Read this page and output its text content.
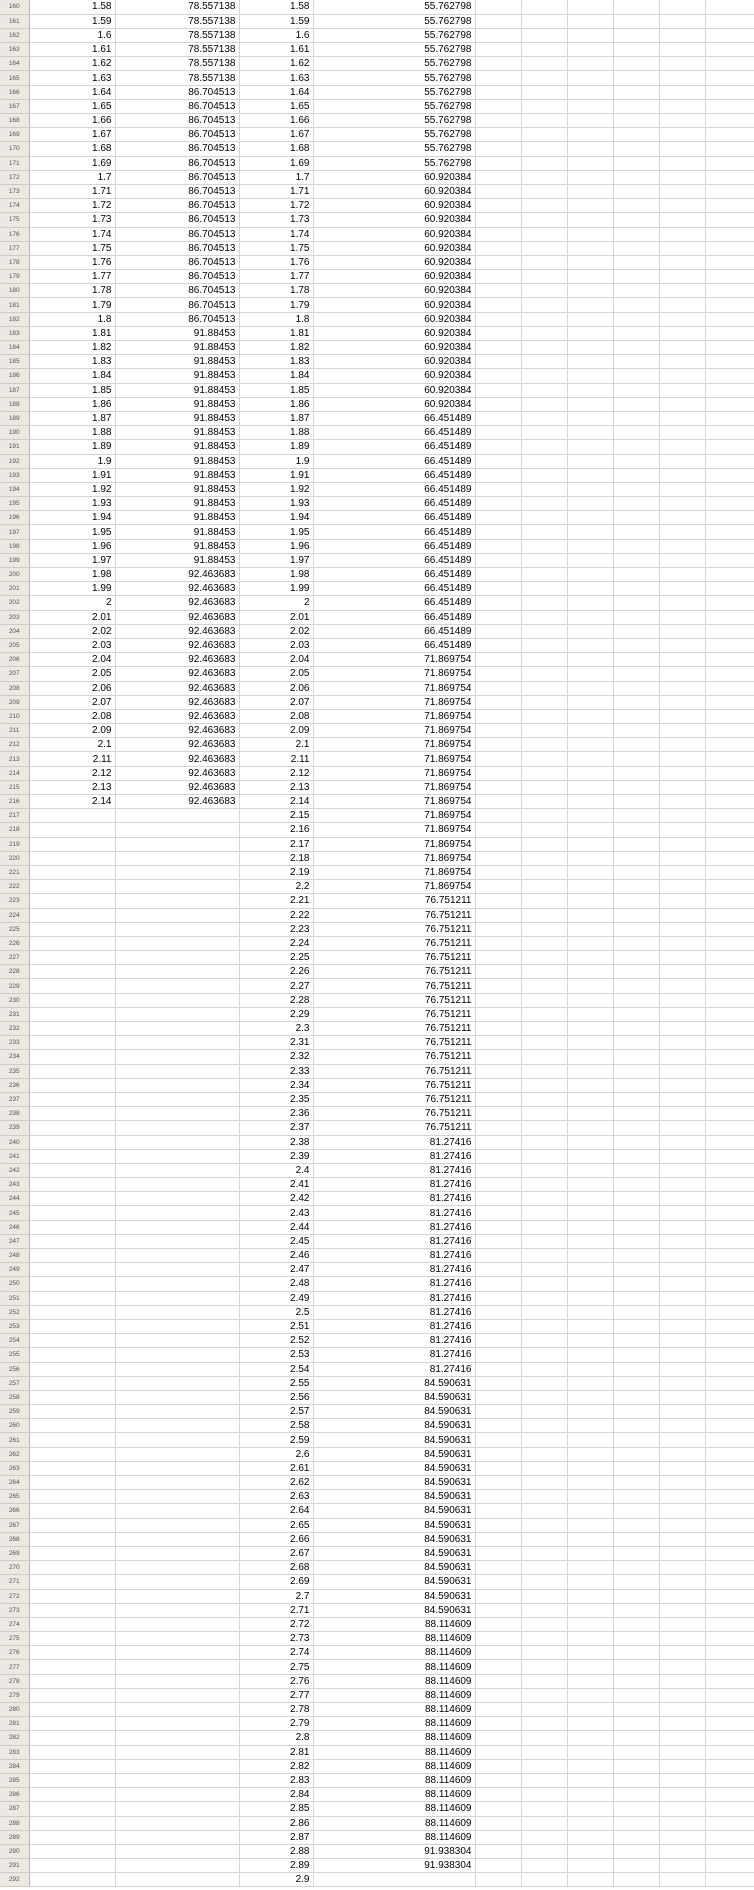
160	1.58	78.557138	1.58	55.762798						
161	1.59	78.557138	1.59	55.762798						
162	1.6	78.557138	1.6	55.762798						
163	1.61	78.557138	1.61	55.762798						
164	1.62	78.557138	1.62	55.762798						
165	1.63	78.557138	1.63	55.762798						
166	1.64	86.704513	1.64	55.762798						
167	1.65	86.704513	1.65	55.762798						
168	1.66	86.704513	1.66	55.762798						
169	1.67	86.704513	1.67	55.762798						
170	1.68	86.704513	1.68	55.762798						
171	1.69	86.704513	1.69	55.762798						
172	1.7	86.704513	1.7	60.920384						
173	1.71	86.704513	1.71	60.920384						
174	1.72	86.704513	1.72	60.920384						
175	1.73	86.704513	1.73	60.920384						
176	1.74	86.704513	1.74	60.920384						
177	1.75	86.704513	1.75	60.920384						
178	1.76	86.704513	1.76	60.920384						
179	1.77	86.704513	1.77	60.920384						
180	1.78	86.704513	1.78	60.920384						
181	1.79	86.704513	1.79	60.920384						
182	1.8	86.704513	1.8	60.920384						
183	1.81	91.88453	1.81	60.920384						
184	1.82	91.88453	1.82	60.920384						
185	1.83	91.88453	1.83	60.920384						
186	1.84	91.88453	1.84	60.920384						
187	1.85	91.88453	1.85	60.920384						
188	1.86	91.88453	1.86	60.920384						
189	1.87	91.88453	1.87	66.451489						
190	1.88	91.88453	1.88	66.451489						
191	1.89	91.88453	1.89	66.451489						
192	1.9	91.88453	1.9	66.451489						
193	1.91	91.88453	1.91	66.451489						
194	1.92	91.88453	1.92	66.451489						
195	1.93	91.88453	1.93	66.451489						
196	1.94	91.88453	1.94	66.451489						
197	1.95	91.88453	1.95	66.451489						
198	1.96	91.88453	1.96	66.451489						
199	1.97	91.88453	1.97	66.451489						
200	1.98	92.463683	1.98	66.451489						
201	1.99	92.463683	1.99	66.451489						
202	2	92.463683	2	66.451489						
203	2.01	92.463683	2.01	66.451489						
204	2.02	92.463683	2.02	66.451489						
205	2.03	92.463683	2.03	66.451489						
206	2.04	92.463683	2.04	71.869754						
207	2.05	92.463683	2.05	71.869754						
208	2.06	92.463683	2.06	71.869754						
209	2.07	92.463683	2.07	71.869754						
210	2.08	92.463683	2.08	71.869754						
211	2.09	92.463683	2.09	71.869754						
212	2.1	92.463683	2.1	71.869754						
213	2.11	92.463683	2.11	71.869754						
214	2.12	92.463683	2.12	71.869754						
215	2.13	92.463683	2.13	71.869754						
216	2.14	92.463683	2.14	71.869754						
217			2.15	71.869754						
218			2.16	71.869754						
219			2.17	71.869754						
220			2.18	71.869754						
221			2.19	71.869754						
222			2.2	71.869754						
223			2.21	76.751211						
224			2.22	76.751211						
225			2.23	76.751211						
226			2.24	76.751211						
227			2.25	76.751211						
228			2.26	76.751211						
229			2.27	76.751211						
230			2.28	76.751211						
231			2.29	76.751211						
232			2.3	76.751211						
233			2.31	76.751211						
234			2.32	76.751211						
235			2.33	76.751211						
236			2.34	76.751211						
237			2.35	76.751211						
238			2.36	76.751211						
239			2.37	76.751211						
240			2.38	81.27416						
241			2.39	81.27416						
242			2.4	81.27416						
243			2.41	81.27416						
244			2.42	81.27416						
245			2.43	81.27416						
246			2.44	81.27416						
247			2.45	81.27416						
248			2.46	81.27416						
249			2.47	81.27416						
250			2.48	81.27416						
251			2.49	81.27416						
252			2.5	81.27416						
253			2.51	81.27416						
254			2.52	81.27416						
255			2.53	81.27416						
256			2.54	81.27416						
257			2.55	84.590631						
258			2.56	84.590631						
259			2.57	84.590631						
260			2.58	84.590631						
261			2.59	84.590631						
262			2.6	84.590631						
263			2.61	84.590631						
264			2.62	84.590631						
265			2.63	84.590631						
266			2.64	84.590631						
267			2.65	84.590631						
268			2.66	84.590631						
269			2.67	84.590631						
270			2.68	84.590631						
271			2.69	84.590631						
272			2.7	84.590631						
273			2.71	84.590631						
274			2.72	88.114609						
275			2.73	88.114609						
276			2.74	88.114609						
277			2.75	88.114609						
278			2.76	88.114609						
279			2.77	88.114609						
280			2.78	88.114609						
281			2.79	88.114609						
282			2.8	88.114609						
283			2.81	88.114609						
284			2.82	88.114609						
285			2.83	88.114609						
286			2.84	88.114609						
287			2.85	88.114609						
288			2.86	88.114609						
289			2.87	88.114609						
290			2.88	91.938304						
291			2.89	91.938304						
292			2.9							
